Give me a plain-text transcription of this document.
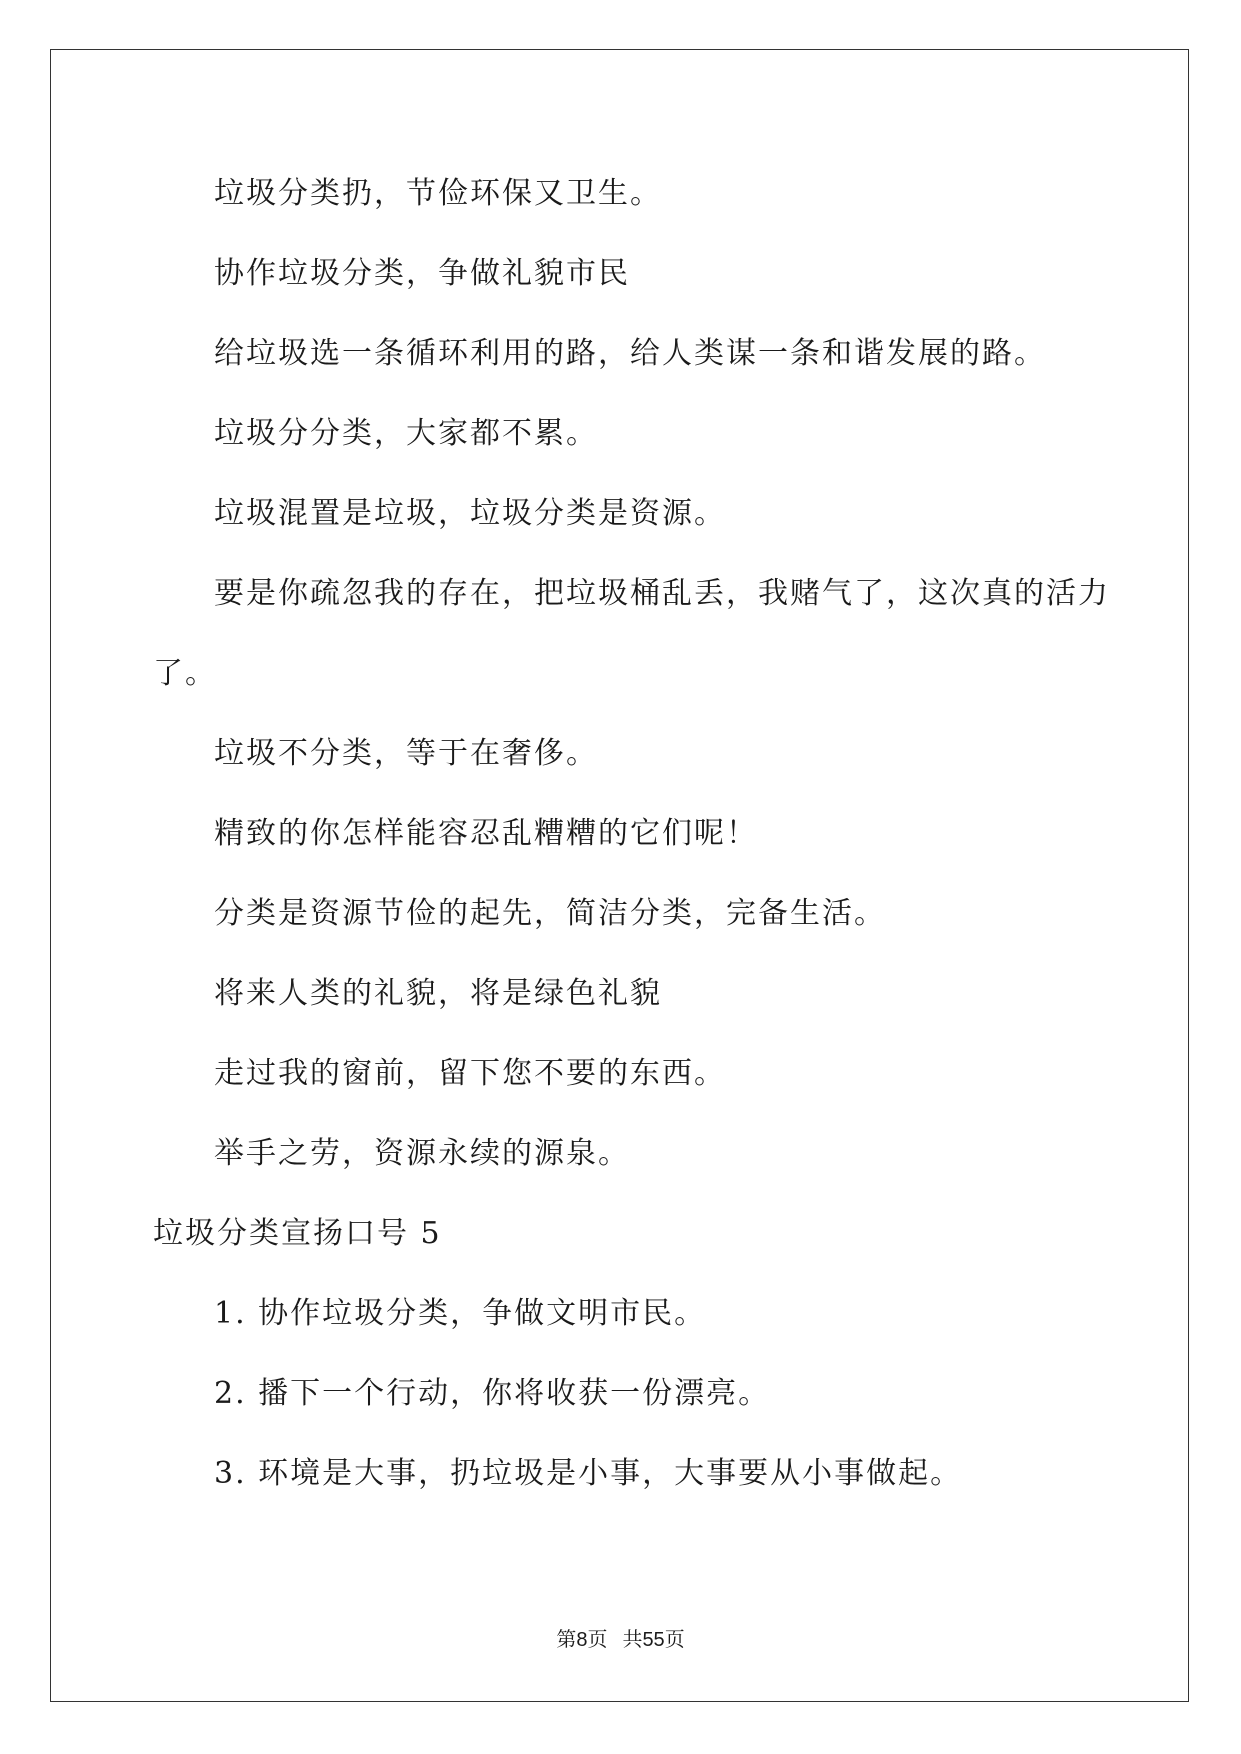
垃圾分类扔，节俭环保又卫生。
协作垃圾分类，争做礼貌市民
给垃圾选一条循环利用的路，给人类谋一条和谐发展的路。
垃圾分分类，大家都不累。
垃圾混置是垃圾，垃圾分类是资源。
要是你疏忽我的存在，把垃圾桶乱丢，我赌气了，这次真的活力
了。
垃圾不分类，等于在奢侈。
精致的你怎样能容忍乱糟糟的它们呢！
分类是资源节俭的起先，简洁分类，完备生活。
将来人类的礼貌，将是绿色礼貌
走过我的窗前，留下您不要的东西。
举手之劳，资源永续的源泉。
垃圾分类宣扬口号 5
1. 协作垃圾分类，争做文明市民。
2. 播下一个行动，你将收获一份漂亮。
3. 环境是大事，扔垃圾是小事，大事要从小事做起。
第8页 共55页
